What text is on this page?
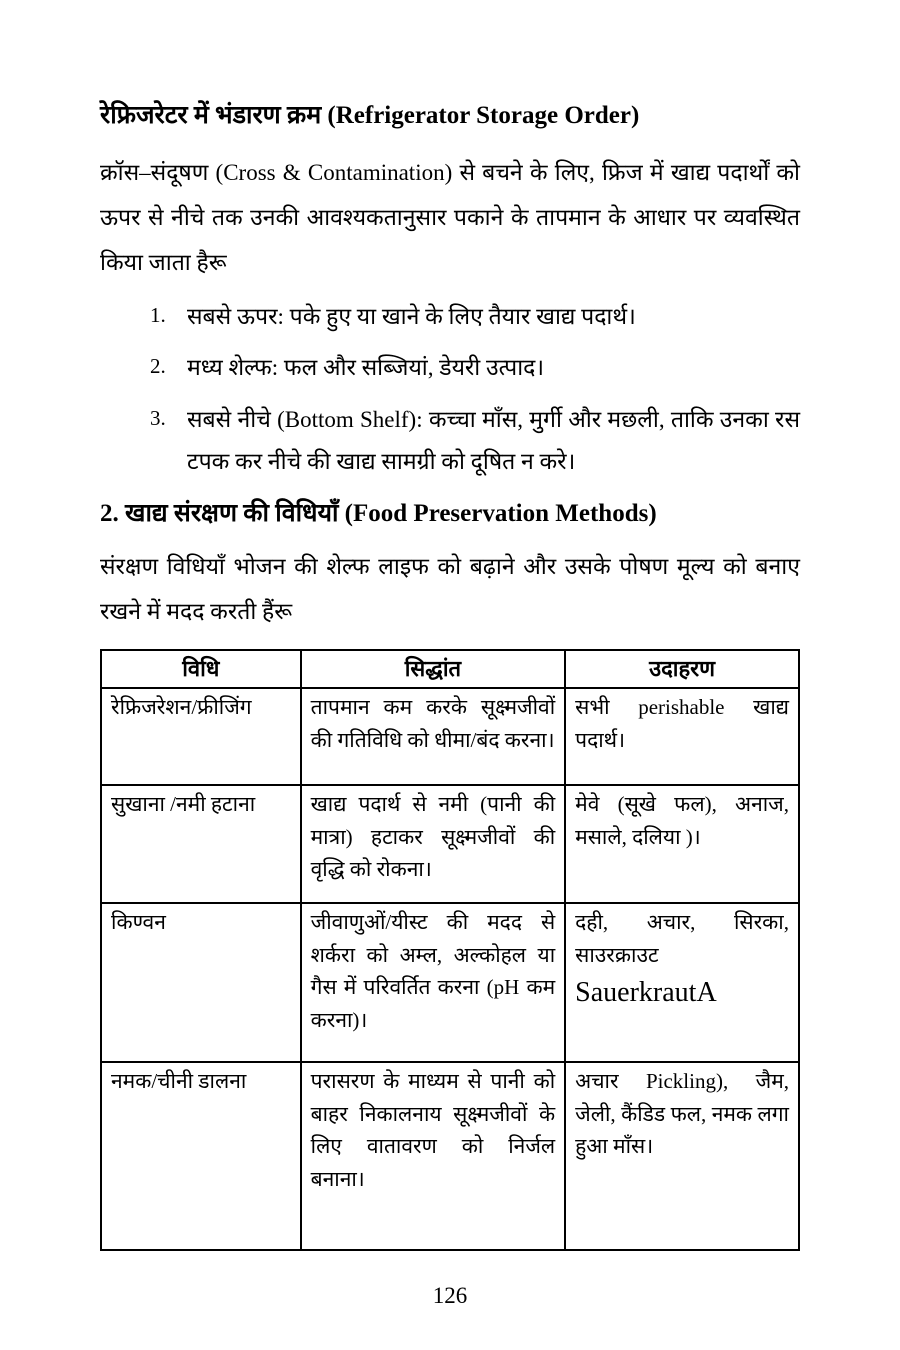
रेफ्रिजरेटर में भंडारण क्रम (Refrigerator Storage Order)

क्रॉस–संदूषण (Cross & Contamination) से बचने के लिए, फ्रिज में खाद्य पदार्थों को ऊपर से नीचे तक उनकी आवश्यकतानुसार पकाने के तापमान के आधार पर व्यवस्थित किया जाता हैरू

1. सबसे ऊपर: पके हुए या खाने के लिए तैयार खाद्य पदार्थ।
2. मध्य शेल्फ: फल और सब्जियां, डेयरी उत्पाद।
3. सबसे नीचे (Bottom Shelf): कच्चा माँस, मुर्गी और मछली, ताकि उनका रस टपक कर नीचे की खाद्य सामग्री को दूषित न करे।
2. खाद्य संरक्षण की विधियाँ (Food Preservation Methods)

संरक्षण विधियाँ भोजन की शेल्फ लाइफ को बढ़ाने और उसके पोषण मूल्य को बनाए रखने में मदद करती हैंरू

विधि	सिद्धांत	उदाहरण
रेफ्रिजरेशन/फ्रीजिंग	तापमान कम करके सूक्ष्मजीवों की गतिविधि को धीमा/बंद करना।	सभी perishable खाद्य पदार्थ।
सुखाना /नमी हटाना	खाद्य पदार्थ से नमी (पानी की मात्रा) हटाकर सूक्ष्मजीवों की वृद्धि को रोकना।	मेवे (सूखे फल), अनाज, मसाले, दलिया )।
किण्वन	जीवाणुओं/यीस्ट की मदद से शर्करा को अम्ल, अल्कोहल या गैस में परिवर्तित करना (pH कम करना)।	दही, अचार, सिरका, साउरक्राउट
SauerkrautA

नमक/चीनी डालना	परासरण के माध्यम से पानी को बाहर निकालनाय सूक्ष्मजीवों के लिए वातावरण को निर्जल बनाना।	अचार Pickling), जैम, जेली, कैंडिड फल, नमक लगा हुआ माँस।
126
